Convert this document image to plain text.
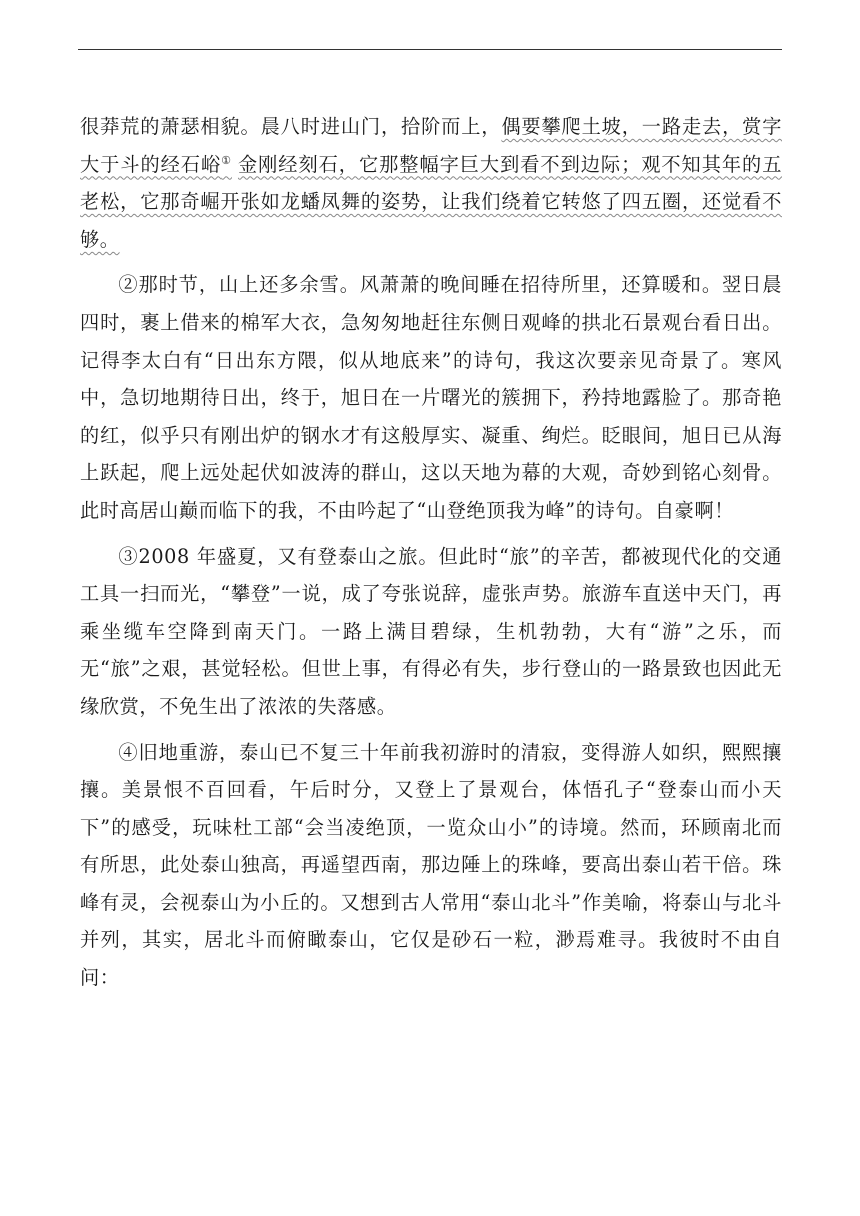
很莽荒的萧瑟相貌。晨八时进山门，拾阶而上，偶要攀爬土坡，一路走去，赏字大于斗的经石峪① 金刚经刻石，它那整幅字巨大到看不到边际；观不知其年的五老松，它那奇崛开张如龙蟠凤舞的姿势，让我们绕着它转悠了四五圈，还觉看不够。

②那时节，山上还多余雪。风萧萧的晚间睡在招待所里，还算暖和。翌日晨四时，裹上借来的棉军大衣，急匆匆地赶往东侧日观峰的拱北石景观台看日出。记得李太白有“日出东方隈，似从地底来”的诗句，我这次要亲见奇景了。寒风中，急切地期待日出，终于，旭日在一片曙光的簇拥下，矜持地露脸了。那奇艳的红，似乎只有刚出炉的钢水才有这般厚实、凝重、绚烂。眨眼间，旭日已从海上跃起，爬上远处起伏如波涛的群山，这以天地为幕的大观，奇妙到铭心刻骨。此时高居山巅而临下的我，不由吟起了“山登绝顶我为峰”的诗句。自豪啊！

③2008 年盛夏，又有登泰山之旅。但此时“旅”的辛苦，都被现代化的交通工具一扫而光，“攀登”一说，成了夸张说辞，虚张声势。旅游车直送中天门，再乘坐缆车空降到南天门。一路上满目碧绿，生机勃勃，大有“游”之乐，而无“旅”之艰，甚觉轻松。但世上事，有得必有失，步行登山的一路景致也因此无缘欣赏，不免生出了浓浓的失落感。

④旧地重游，泰山已不复三十年前我初游时的清寂，变得游人如织，熙熙攘攘。美景恨不百回看，午后时分，又登上了景观台，体悟孔子“登泰山而小天下”的感受，玩味杜工部“会当凌绝顶，一览众山小”的诗境。然而，环顾南北而有所思，此处泰山独高，再遥望西南，那边陲上的珠峰，要高出泰山若干倍。珠峰有灵，会视泰山为小丘的。又想到古人常用“泰山北斗”作美喻，将泰山与北斗并列，其实，居北斗而俯瞰泰山，它仅是砂石一粒，渺焉难寻。我彼时不由自问：
